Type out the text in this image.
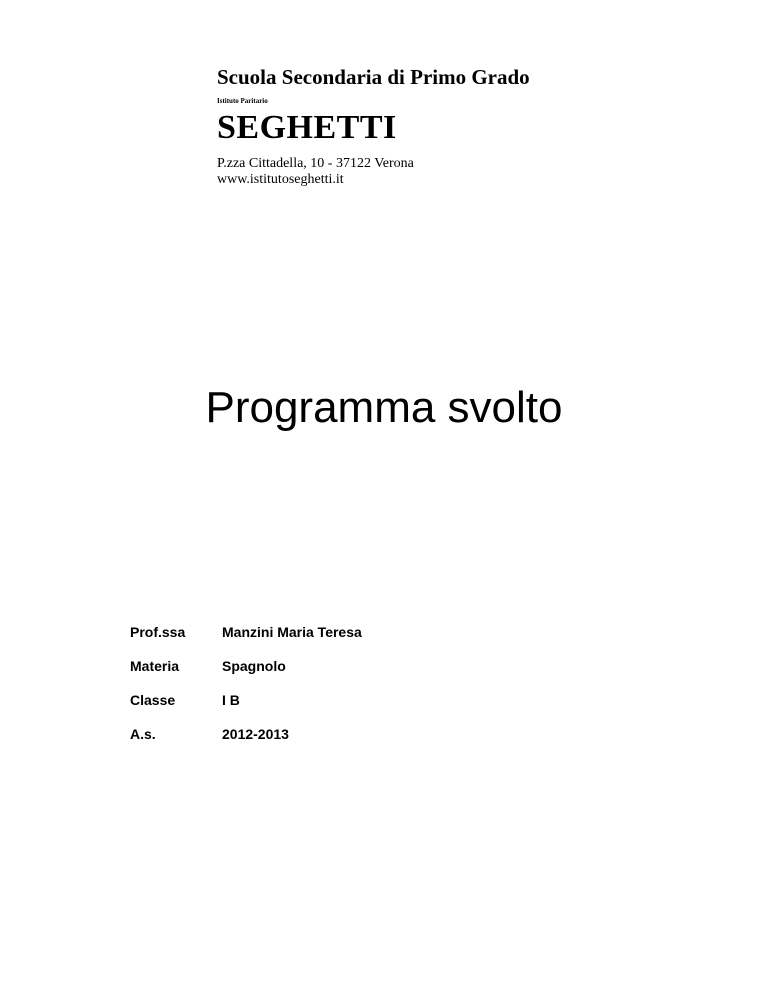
Scuola Secondaria di Primo Grado
Istituto Paritario
SEGHETTI
P.zza Cittadella, 10 - 37122 Verona
www.istitutoseghetti.it
Programma svolto
Prof.ssa	Manzini Maria Teresa
Materia	Spagnolo
Classe	I B
A.s.	2012-2013
